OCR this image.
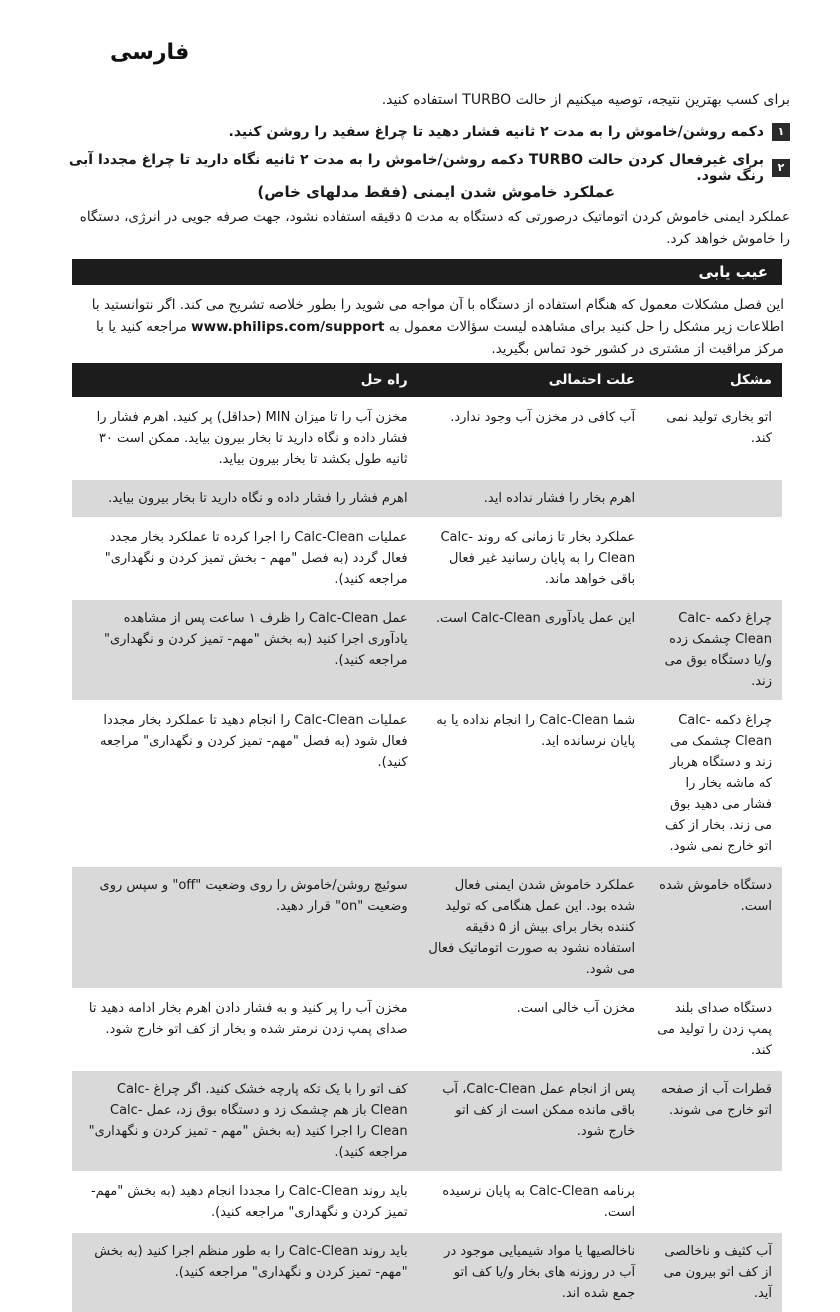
فارسی
برای کسب بهترین نتیجه، توصیه میکنیم از حالت TURBO استفاده کنید.
۱
دکمه روشن/خاموش را به مدت ۲ ثانیه فشار دهید تا چراغ سفید را روشن کنید.
۲
برای غیرفعال کردن حالت TURBO دکمه روشن/خاموش را به مدت ۲ ثانیه نگاه دارید تا چراغ مجددا آبی رنگ شود.
عملکرد خاموش شدن ایمنی (فقط مدلهای خاص)
عملکرد ایمنی خاموش کردن اتوماتیک درصورتی که دستگاه به مدت ۵ دقیقه استفاده نشود، جهت صرفه جویی در انرژی، دستگاه را خاموش خواهد کرد.
عیب یابی
این فصل مشکلات معمول که هنگام استفاده از دستگاه با آن مواجه می شوید را بطور خلاصه تشریح می کند. اگر نتوانستید با اطلاعات زیر مشکل را حل کنید برای مشاهده لیست سؤالات معمول به www.philips.com/support مراجعه کنید یا با مرکز مراقبت از مشتری در کشور خود تماس بگیرید.
مشکل	علت احتمالی	راه حل
اتو بخاری تولید نمی کند.	آب کافی در مخزن آب وجود ندارد.	مخزن آب را تا میزان MIN (حداقل) پر کنید. اهرم فشار را فشار داده و نگاه دارید تا بخار بیرون بیاید. ممکن است ۳۰ ثانیه طول بکشد تا بخار بیرون بیاید.
	اهرم بخار را فشار نداده اید.	اهرم فشار را فشار داده و نگاه دارید تا بخار بیرون بیاید.
	عملکرد بخار تا زمانی که روند Calc-Clean را به پایان رسانید غیر فعال باقی خواهد ماند.	عملیات Calc-Clean را اجرا کرده تا عملکرد بخار مجدد فعال گردد (به فصل "مهم - بخش تمیز کردن و نگهداری" مراجعه کنید).
چراغ دکمه Calc-Clean چشمک زده و/یا دستگاه بوق می زند.	این عمل یادآوری Calc-Clean است.	عمل Calc-Clean را ظرف ۱ ساعت پس از مشاهده یادآوری اجرا کنید (به بخش "مهم- تمیز کردن و نگهداری" مراجعه کنید).
چراغ دکمه Calc-Clean چشمک می زند و دستگاه هربار که ماشه بخار را فشار می دهید بوق می زند. بخار از کف اتو خارج نمی شود.	شما Calc-Clean را انجام نداده یا به پایان نرسانده اید.	عملیات Calc-Clean را انجام دهید تا عملکرد بخار مجددا فعال شود (به فصل "مهم- تمیز کردن و نگهداری" مراجعه کنید).
دستگاه خاموش شده است.	عملکرد خاموش شدن ایمنی فعال شده بود. این عمل هنگامی که تولید کننده بخار برای بیش از ۵ دقیقه استفاده نشود به صورت اتوماتیک فعال می شود.	سوئیچ روشن/خاموش را روی وضعیت "off" و سپس روی وضعیت "on" قرار دهید.
دستگاه صدای بلند پمپ زدن را تولید می کند.	مخزن آب خالی است.	مخزن آب را پر کنید و به فشار دادن اهرم بخار ادامه دهید تا صدای پمپ زدن نرمتر شده و بخار از کف اتو خارج شود.
قطرات آب از صفحه اتو خارج می شوند.	پس از انجام عمل Calc-Clean، آب باقی مانده ممکن است از کف اتو خارج شود.	کف اتو را با یک تکه پارچه خشک کنید. اگر چراغ Calc-Clean باز هم چشمک زد و دستگاه بوق زد، عمل Calc-Clean را اجرا کنید (به بخش "مهم - تمیز کردن و نگهداری" مراجعه کنید).
	برنامه Calc-Clean به پایان نرسیده است.	باید روند Calc-Clean را مجددا انجام دهید (به بخش "مهم- تمیز کردن و نگهداری" مراجعه کنید).
آب کثیف و ناخالصی از کف اتو بیرون می آید.	ناخالصیها یا مواد شیمیایی موجود در آب در روزنه های بخار و/یا کف اتو جمع شده اند.	باید روند Calc-Clean را به طور منظم اجرا کنید (به بخش "مهم- تمیز کردن و نگهداری" مراجعه کنید).
